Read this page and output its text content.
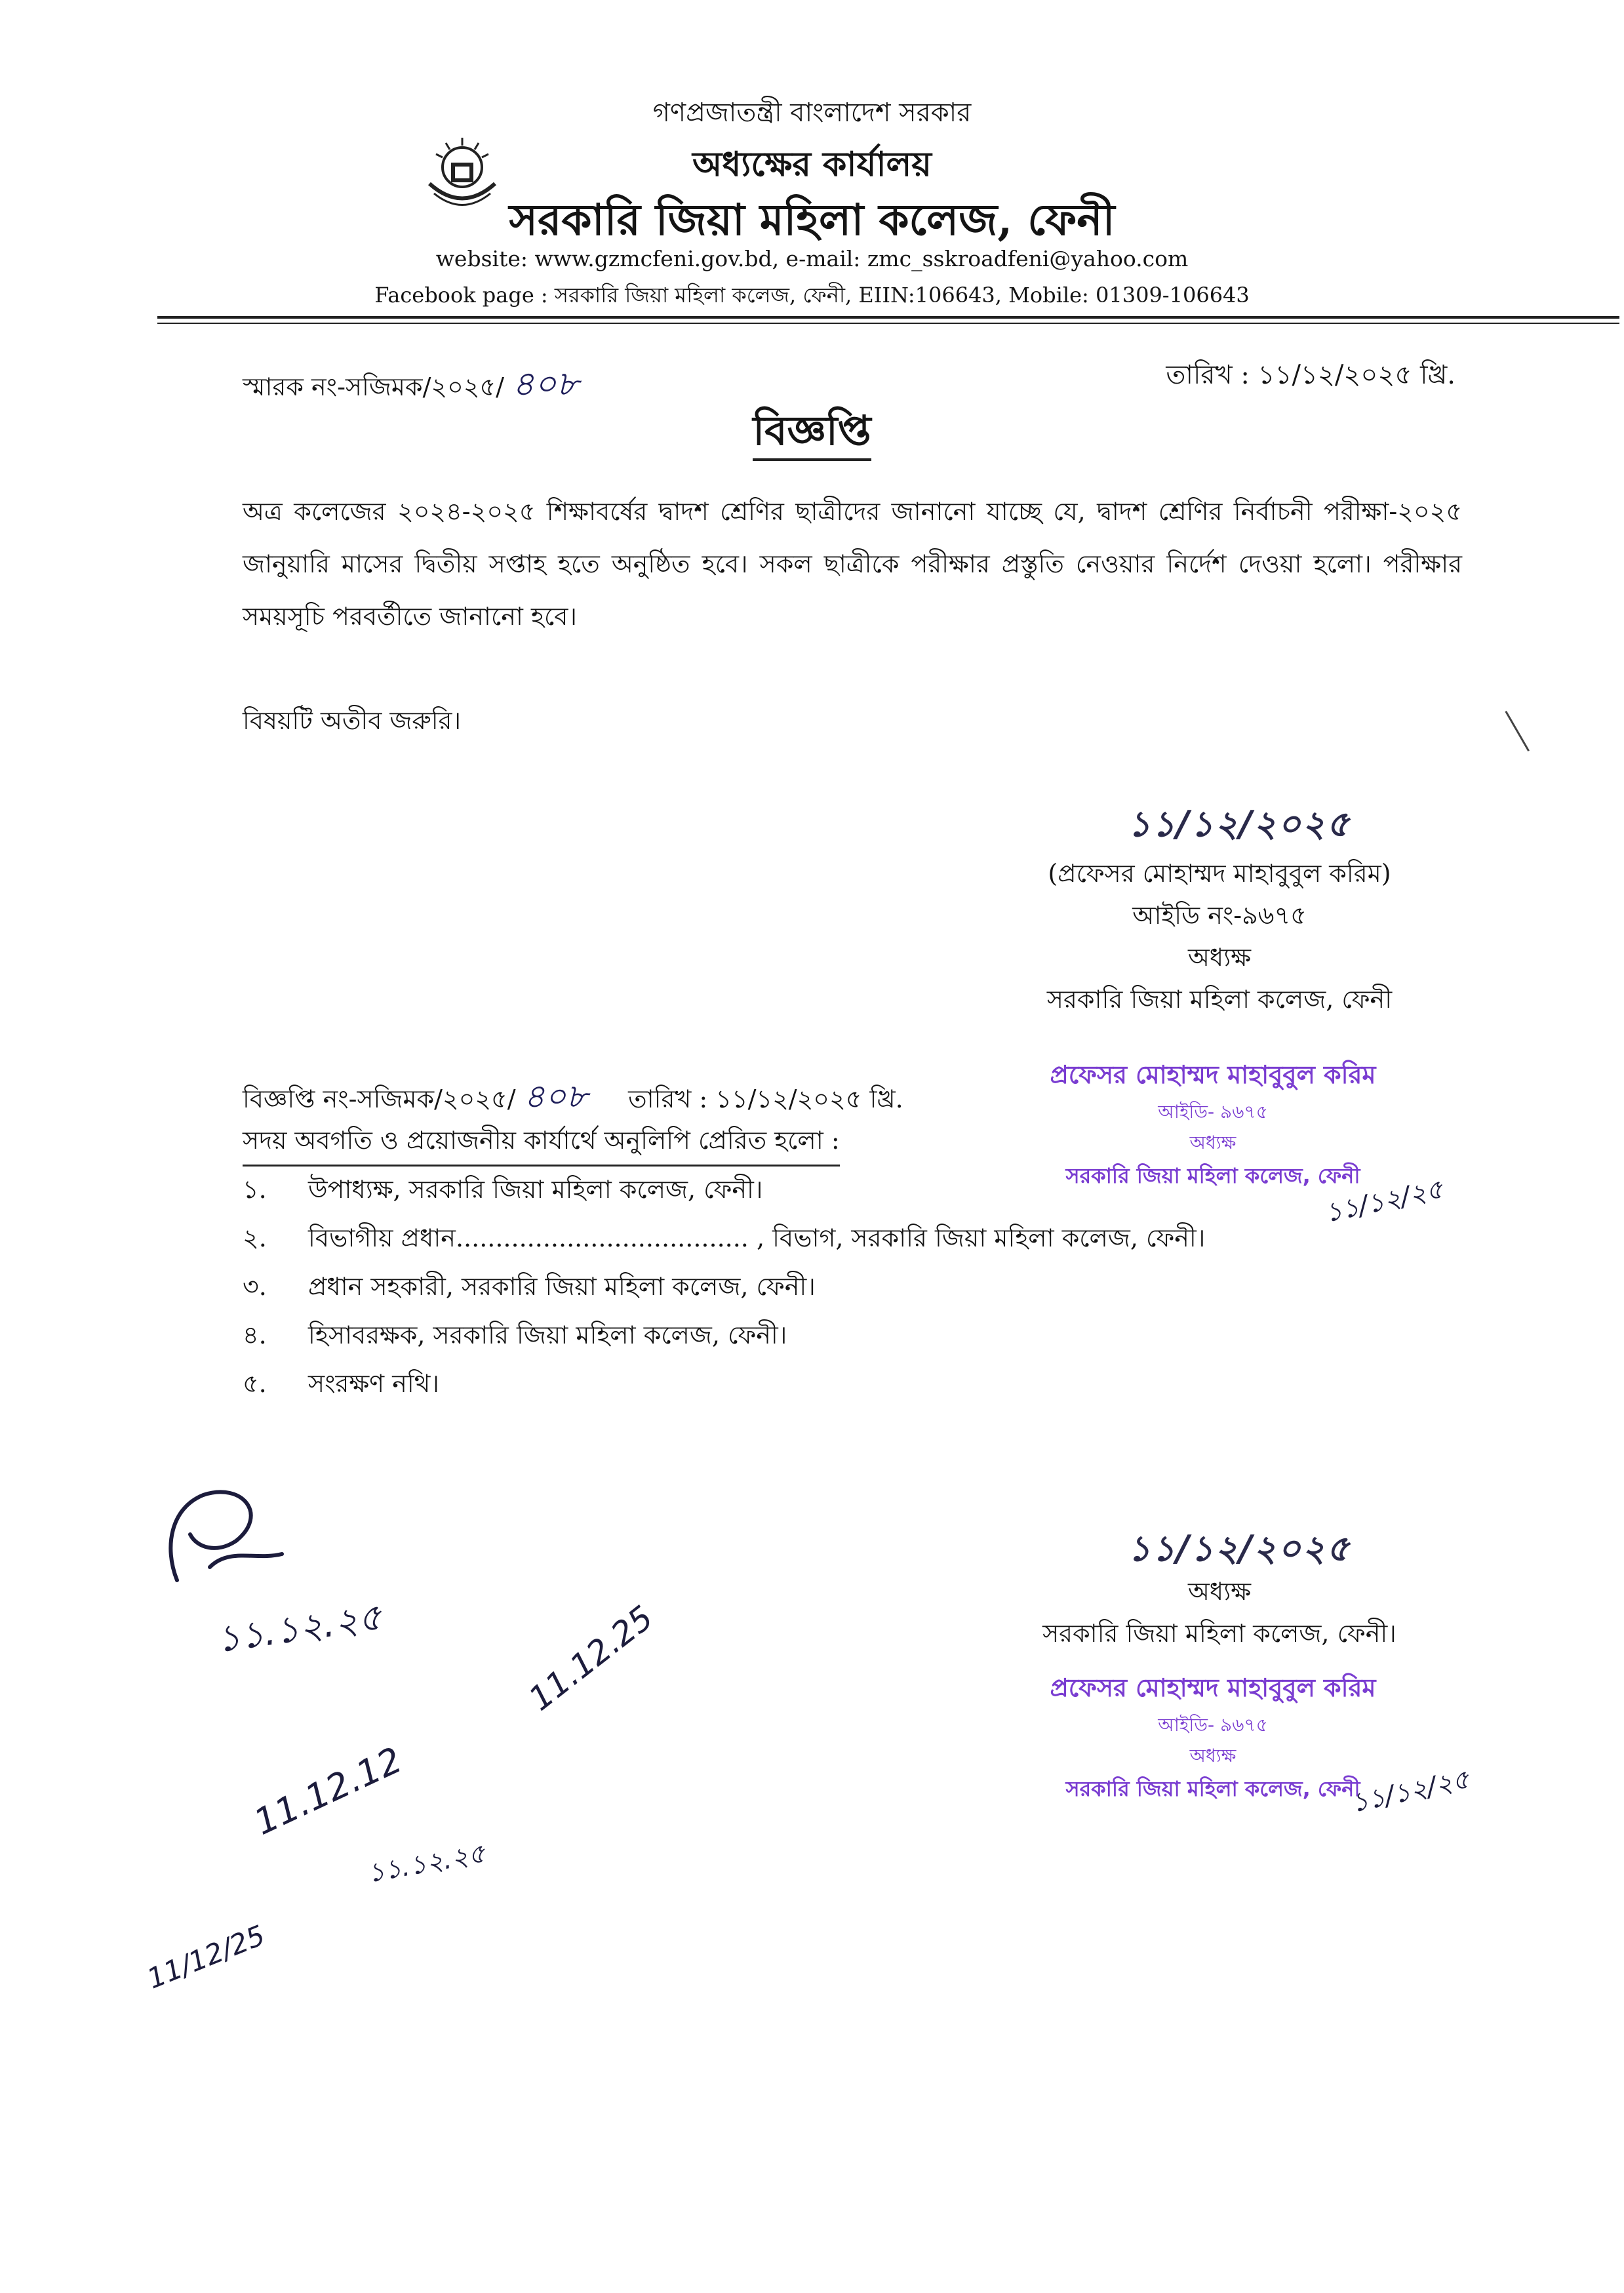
গণপ্রজাতন্ত্রী বাংলাদেশ সরকার
অধ্যক্ষের কার্যালয়
সরকারি জিয়া মহিলা কলেজ, ফেনী
website: www.gzmcfeni.gov.bd, e-mail: zmc_sskroadfeni@yahoo.com
Facebook page : সরকারি জিয়া মহিলা কলেজ, ফেনী, EIIN:106643, Mobile: 01309-106643
স্মারক নং-সজিমক/২০২৫/ ৪০৮	তারিখ : ১১/১২/২০২৫ খ্রি.
বিজ্ঞপ্তি
অত্র কলেজের ২০২৪-২০২৫ শিক্ষাবর্ষের দ্বাদশ শ্রেণির ছাত্রীদের জানানো যাচ্ছে যে, দ্বাদশ শ্রেণির নির্বাচনী পরীক্ষা-২০২৫ জানুয়ারি মাসের দ্বিতীয় সপ্তাহ হতে অনুষ্ঠিত হবে। সকল ছাত্রীকে পরীক্ষার প্রস্তুতি নেওয়ার নির্দেশ দেওয়া হলো। পরীক্ষার সময়সূচি পরবর্তীতে জানানো হবে।
বিষয়টি অতীব জরুরি।
১১/১২/২০২৫
(প্রফেসর মোহাম্মদ মাহাবুবুল করিম)
আইডি নং-৯৬৭৫
অধ্যক্ষ
সরকারি জিয়া মহিলা কলেজ, ফেনী
বিজ্ঞপ্তি নং-সজিমক/২০২৫/ ৪০৮ তারিখ : ১১/১২/২০২৫ খ্রি.
সদয় অবগতি ও প্রয়োজনীয় কার্যার্থে অনুলিপি প্রেরিত হলো :
প্রফেসর মোহাম্মদ মাহাবুবুল করিম
আইডি- ৯৬৭৫
অধ্যক্ষ
সরকারি জিয়া মহিলা কলেজ, ফেনী
১১/১২/২৫
১.	উপাধ্যক্ষ, সরকারি জিয়া মহিলা কলেজ, ফেনী।
২.	বিভাগীয় প্রধান..................................... , বিভাগ, সরকারি জিয়া মহিলা কলেজ, ফেনী।
৩.	প্রধান সহকারী, সরকারি জিয়া মহিলা কলেজ, ফেনী।
৪.	হিসাবরক্ষক, সরকারি জিয়া মহিলা কলেজ, ফেনী।
৫.	সংরক্ষণ নথি।
১১/১২/২০২৫
অধ্যক্ষ
সরকারি জিয়া মহিলা কলেজ, ফেনী।
প্রফেসর মোহাম্মদ মাহাবুবুল করিম
আইডি- ৯৬৭৫
অধ্যক্ষ
সরকারি জিয়া মহিলা কলেজ, ফেনী
১১/১২/২৫
১১.১২.২৫	11.12.25
11.12.12
১১.১২.২৫
11/12/25
